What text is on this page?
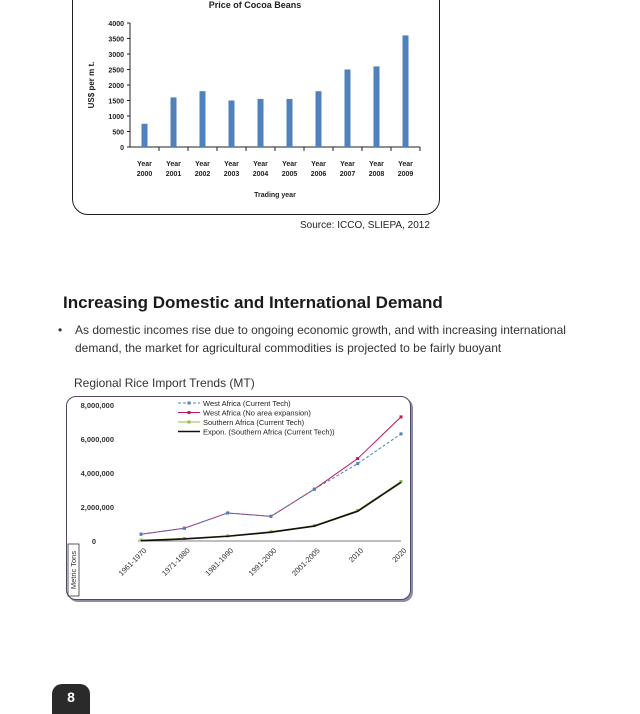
Price of Cocoa Beans
0
500
1000
1500
2000
2500
3000
3500
4000
US$ per m t.
Year
2000
Year
2001
Year
2002
Year
2003
Year
2004
Year
2005
Year
2006
Year
2007
Year
2008
Year
2009
Trading year
Source: ICCO, SLIEPA, 2012
Increasing Domestic and International Demand
• As domestic incomes rise due to ongoing economic growth, and with increasing international demand, the market for agricultural commodities is projected to be fairly buoyant
Regional Rice Import Trends (MT)
0
2,000,000
4,000,000
6,000,000
8,000,000
1961-1970 1971-1980 1981-1990 1991-2000 2001-2005	2010	2020
Metric Tons
West Africa (Current Tech)
West Africa (No area expansion)
Southern Africa (Current Tech)
Expon. (Southern Africa (Current Tech))
8
